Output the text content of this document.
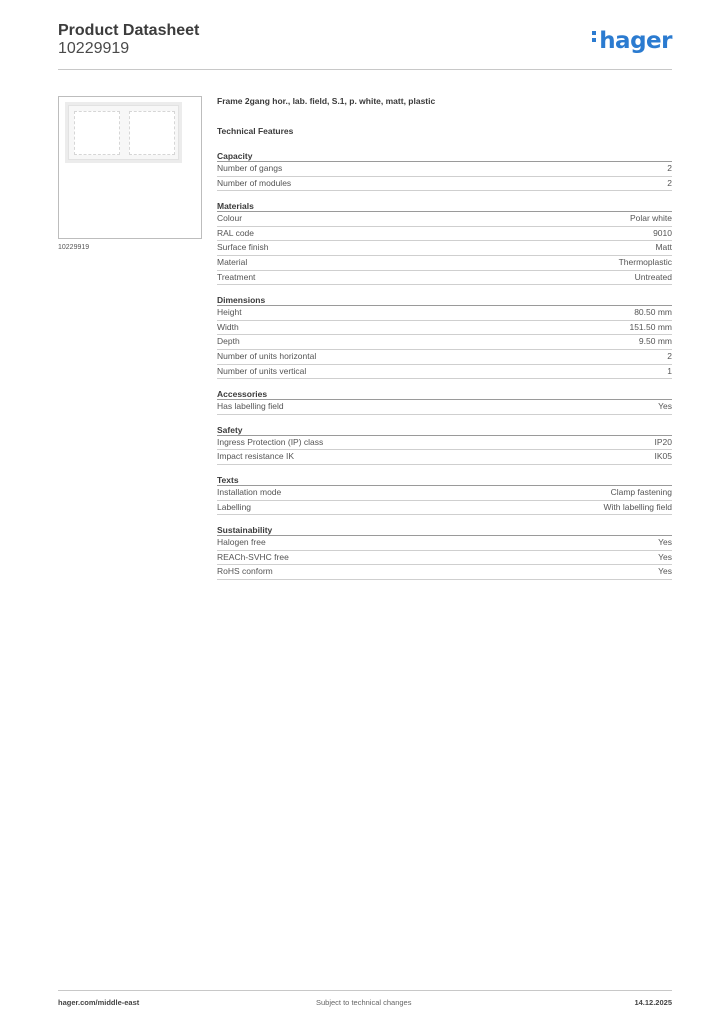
Product Datasheet
10229919	hager
10229919
Frame 2gang hor., lab. field, S.1, p. white, matt, plastic
Technical Features
Capacity
Number of gangs	2
Number of modules	2
Materials
Colour	Polar white
RAL code	9010
Surface finish	Matt
Material	Thermoplastic
Treatment	Untreated
Dimensions
Height	80.50 mm
Width	151.50 mm
Depth	9.50 mm
Number of units horizontal	2
Number of units vertical	1
Accessories
Has labelling field	Yes
Safety
Ingress Protection (IP) class	IP20
Impact resistance IK	IK05
Texts
Installation mode	Clamp fastening
Labelling	With labelling field
Sustainability
Halogen free	Yes
REACh-SVHC free	Yes
RoHS conform	Yes
hager.com/middle-east	Subject to technical changes	14.12.2025
